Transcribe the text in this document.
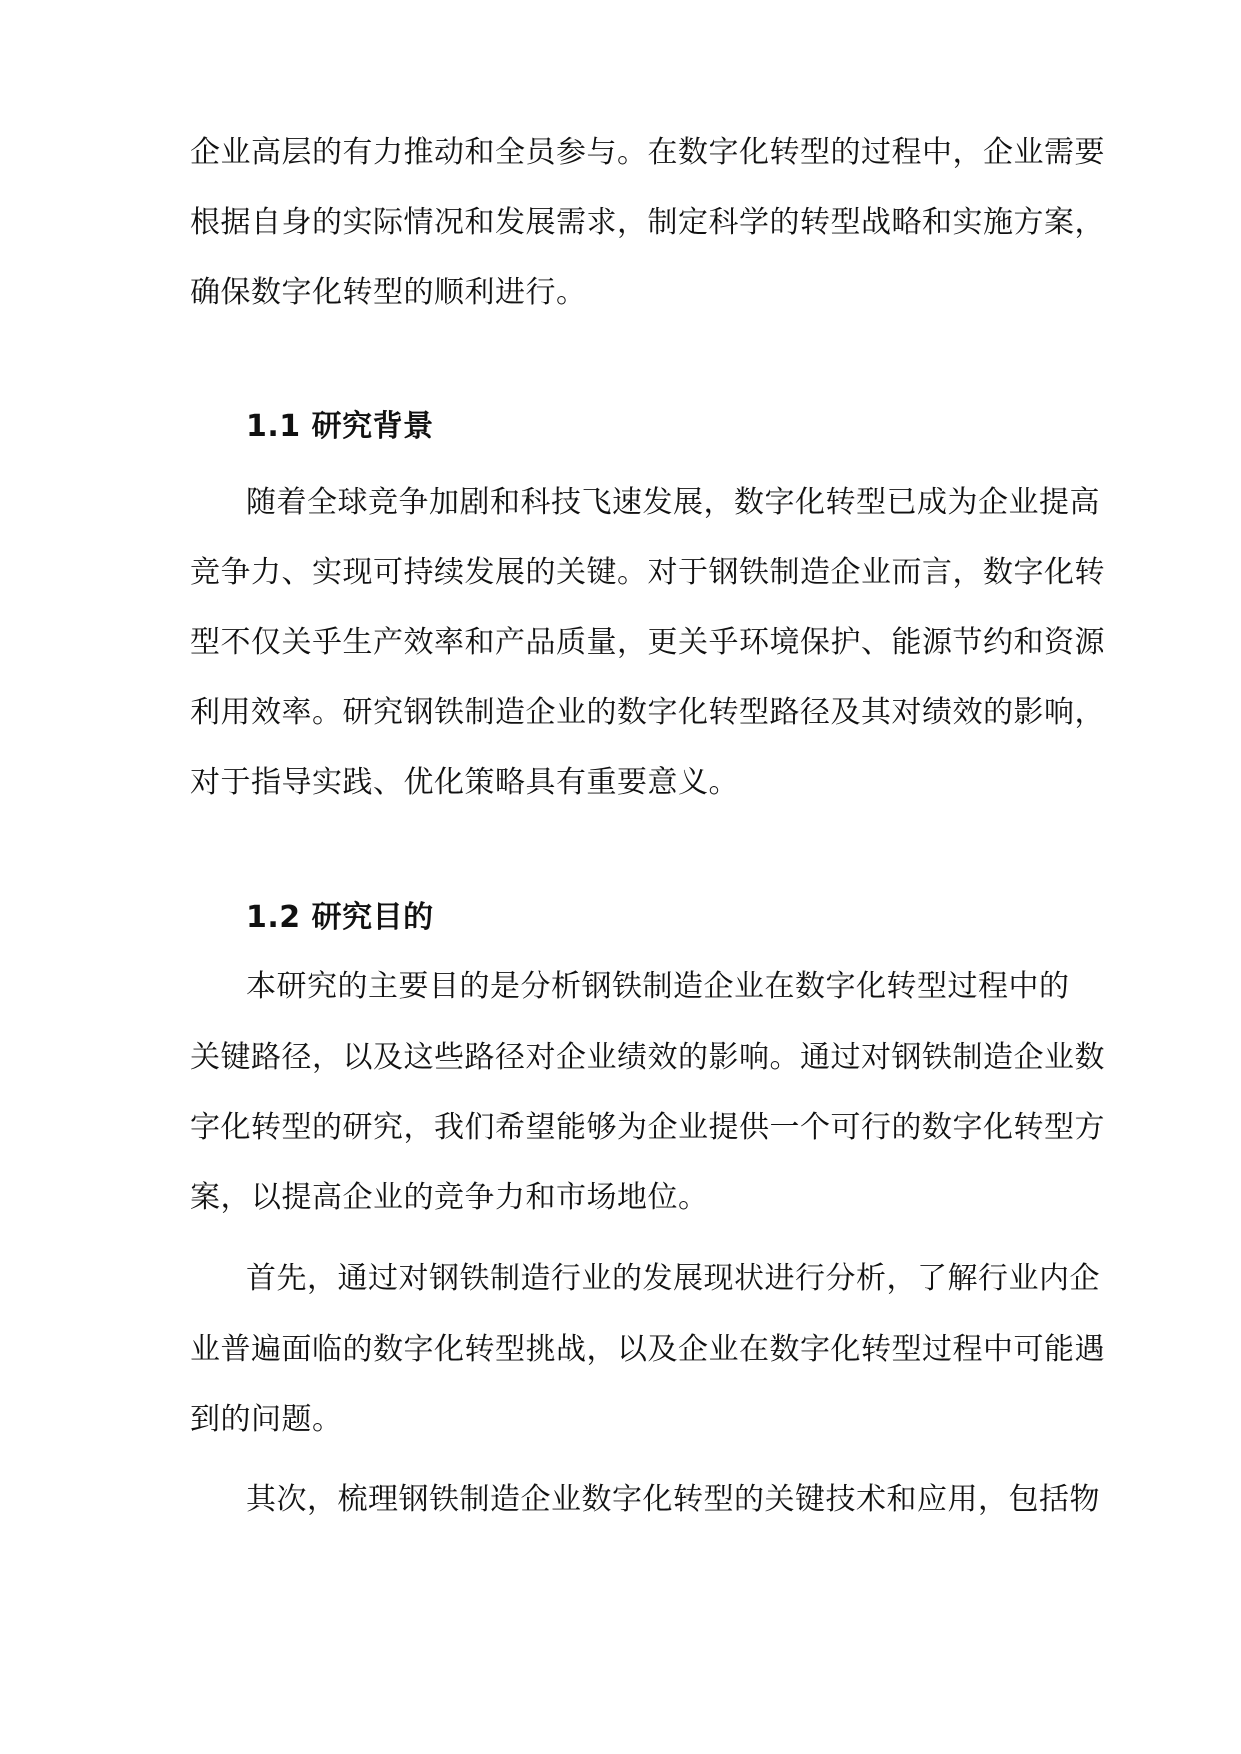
企业高层的有力推动和全员参与。在数字化转型的过程中，企业需要
根据自身的实际情况和发展需求，制定科学的转型战略和实施方案，
确保数字化转型的顺利进行。
1.1 研究背景
随着全球竞争加剧和科技飞速发展，数字化转型已成为企业提高
竞争力、实现可持续发展的关键。对于钢铁制造企业而言，数字化转
型不仅关乎生产效率和产品质量，更关乎环境保护、能源节约和资源
利用效率。研究钢铁制造企业的数字化转型路径及其对绩效的影响，
对于指导实践、优化策略具有重要意义。
1.2 研究目的
本研究的主要目的是分析钢铁制造企业在数字化转型过程中的
关键路径，以及这些路径对企业绩效的影响。通过对钢铁制造企业数
字化转型的研究，我们希望能够为企业提供一个可行的数字化转型方
案，以提高企业的竞争力和市场地位。
首先，通过对钢铁制造行业的发展现状进行分析，了解行业内企
业普遍面临的数字化转型挑战，以及企业在数字化转型过程中可能遇
到的问题。
其次，梳理钢铁制造企业数字化转型的关键技术和应用，包括物
